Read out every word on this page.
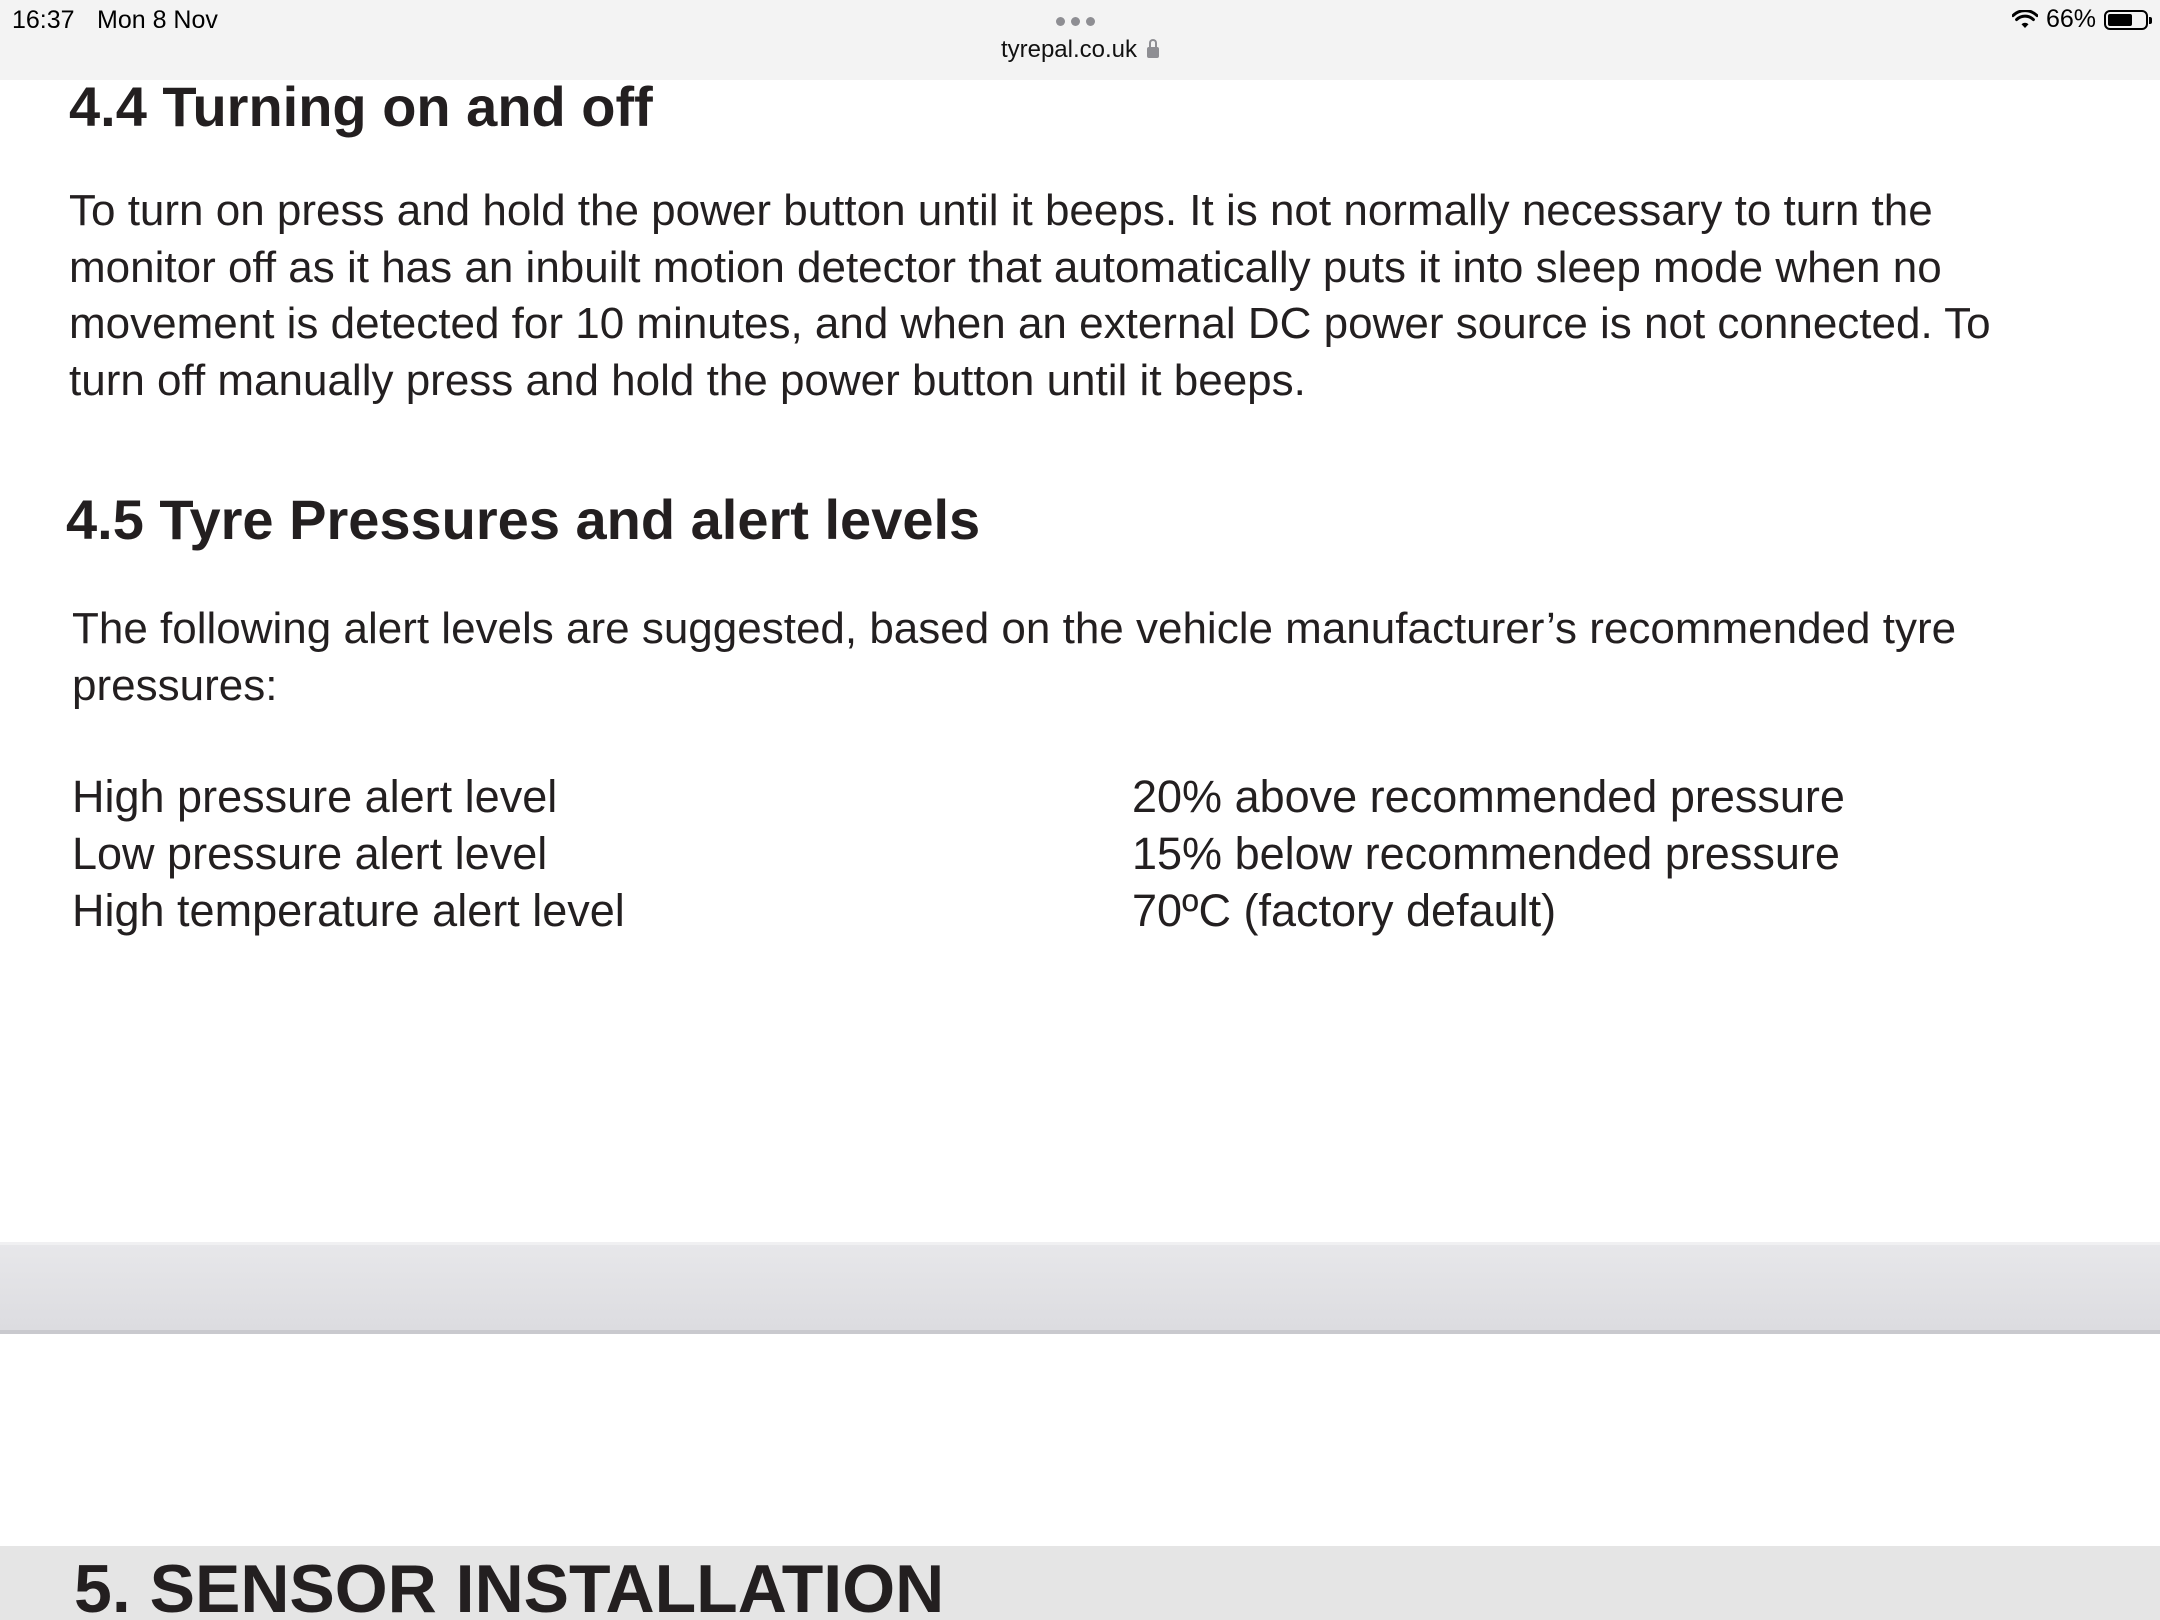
16:37 Mon 8 Nov
tyrepal.co.uk
66%
4.4 Turning on and off
To turn on press and hold the power button until it beeps. It is not normally necessary to turn the
monitor off as it has an inbuilt motion detector that automatically puts it into sleep mode when no
movement is detected for 10 minutes, and when an external DC power source is not connected. To
turn off manually press and hold the power button until it beeps.
4.5 Tyre Pressures and alert levels
The following alert levels are suggested, based on the vehicle manufacturer’s recommended tyre
pressures:
High pressure alert level	20% above recommended pressure
Low pressure alert level	15% below recommended pressure
High temperature alert level	70ºC (factory default)
5. SENSOR INSTALLATION
